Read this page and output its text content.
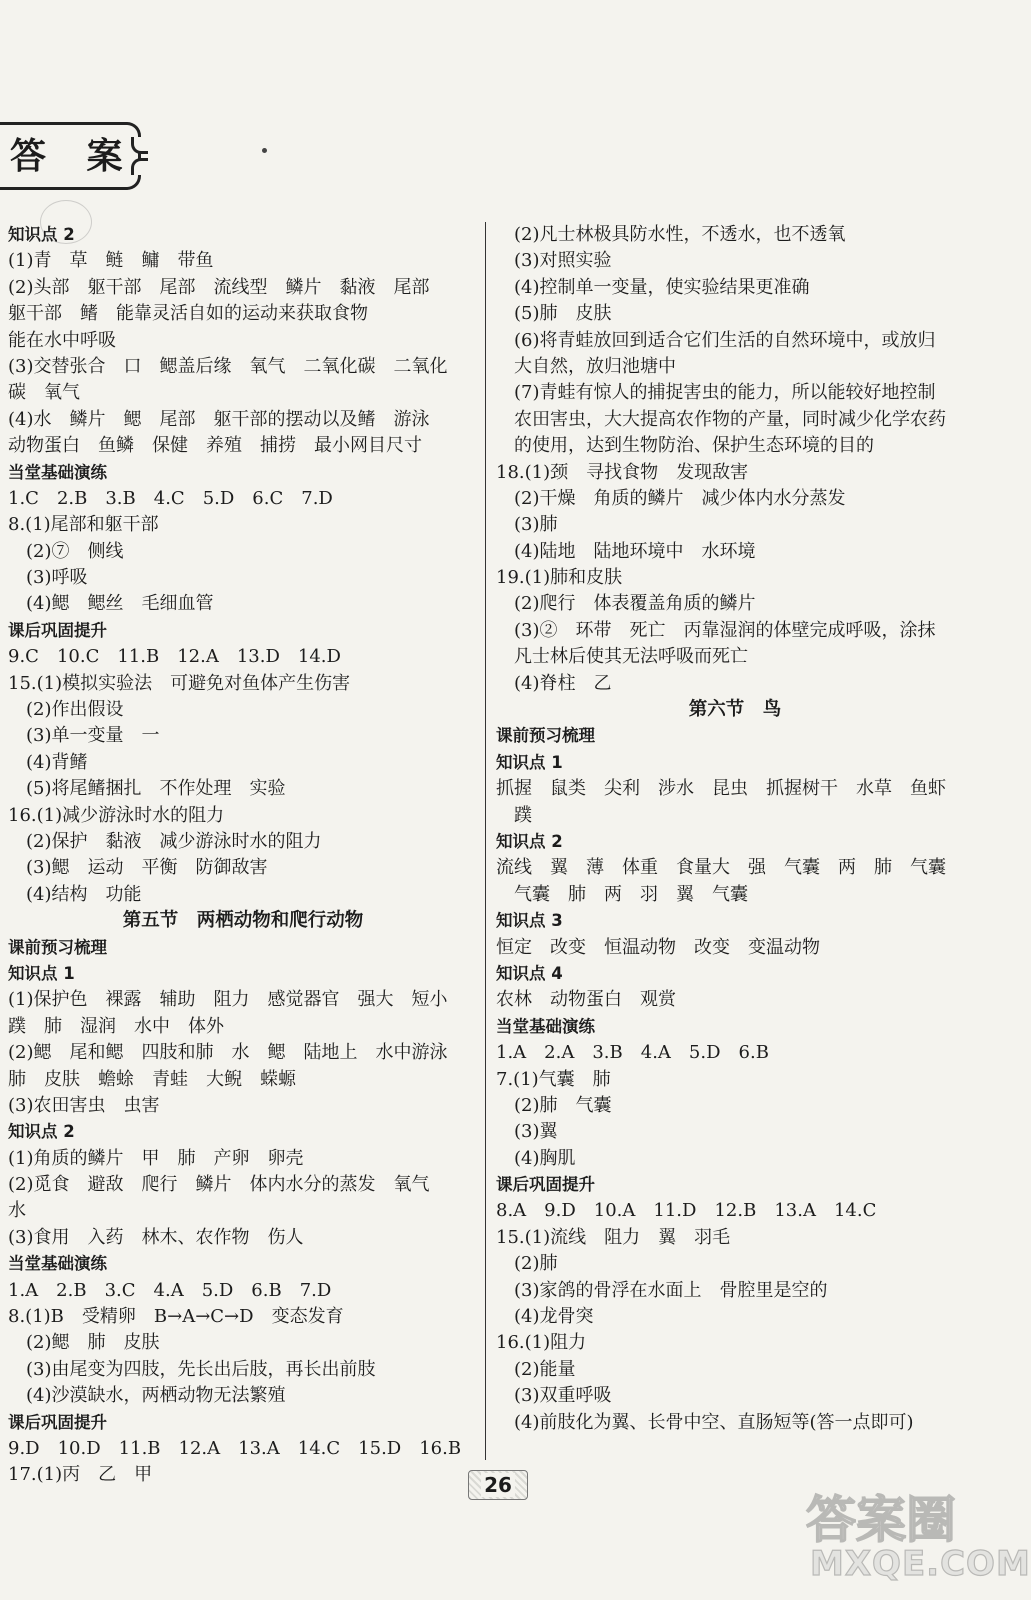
答 案
知识点 2
(1)青　草　鲢　鳙　带鱼
(2)头部　躯干部　尾部　流线型　鳞片　黏液　尾部
躯干部　鳍　能靠灵活自如的运动来获取食物
能在水中呼吸
(3)交替张合　口　鳃盖后缘　氧气　二氧化碳　二氧化
碳　氧气
(4)水　鳞片　鳃　尾部　躯干部的摆动以及鳍　游泳
动物蛋白　鱼鳞　保健　养殖　捕捞　最小网目尺寸
当堂基础演练
1.C　2.B　3.B　4.C　5.D　6.C　7.D
8.(1)尾部和躯干部
(2)⑦　侧线
(3)呼吸
(4)鳃　鳃丝　毛细血管
课后巩固提升
9.C　10.C　11.B　12.A　13.D　14.D
15.(1)模拟实验法　可避免对鱼体产生伤害
(2)作出假设
(3)单一变量　一
(4)背鳍
(5)将尾鳍捆扎　不作处理　实验
16.(1)减少游泳时水的阻力
(2)保护　黏液　减少游泳时水的阻力
(3)鳃　运动　平衡　防御敌害
(4)结构　功能
第五节　两栖动物和爬行动物
课前预习梳理
知识点 1
(1)保护色　裸露　辅助　阻力　感觉器官　强大　短小
蹼　肺　湿润　水中　体外
(2)鳃　尾和鳃　四肢和肺　水　鳃　陆地上　水中游泳
肺　皮肤　蟾蜍　青蛙　大鲵　蝾螈
(3)农田害虫　虫害
知识点 2
(1)角质的鳞片　甲　肺　产卵　卵壳
(2)觅食　避敌　爬行　鳞片　体内水分的蒸发　氧气
水
(3)食用　入药　林木、农作物　伤人
当堂基础演练
1.A　2.B　3.C　4.A　5.D　6.B　7.D
8.(1)B　受精卵　B→A→C→D　变态发育
(2)鳃　肺　皮肤
(3)由尾变为四肢，先长出后肢，再长出前肢
(4)沙漠缺水，两栖动物无法繁殖
课后巩固提升
9.D　10.D　11.B　12.A　13.A　14.C　15.D　16.B
17.(1)丙　乙　甲
(2)凡士林极具防水性，不透水，也不透氧
(3)对照实验
(4)控制单一变量，使实验结果更准确
(5)肺　皮肤
(6)将青蛙放回到适合它们生活的自然环境中，或放归
大自然，放归池塘中
(7)青蛙有惊人的捕捉害虫的能力，所以能较好地控制
农田害虫，大大提高农作物的产量，同时减少化学农药
的使用，达到生物防治、保护生态环境的目的
18.(1)颈　寻找食物　发现敌害
(2)干燥　角质的鳞片　减少体内水分蒸发
(3)肺
(4)陆地　陆地环境中　水环境
19.(1)肺和皮肤
(2)爬行　体表覆盖角质的鳞片
(3)②　环带　死亡　丙靠湿润的体壁完成呼吸，涂抹
凡士林后使其无法呼吸而死亡
(4)脊柱　乙
第六节　鸟
课前预习梳理
知识点 1
抓握　鼠类　尖利　涉水　昆虫　抓握树干　水草　鱼虾
蹼
知识点 2
流线　翼　薄　体重　食量大　强　气囊　两　肺　气囊
气囊　肺　两　羽　翼　气囊
知识点 3
恒定　改变　恒温动物　改变　变温动物
知识点 4
农林　动物蛋白　观赏
当堂基础演练
1.A　2.A　3.B　4.A　5.D　6.B
7.(1)气囊　肺
(2)肺　气囊
(3)翼
(4)胸肌
课后巩固提升
8.A　9.D　10.A　11.D　12.B　13.A　14.C
15.(1)流线　阻力　翼　羽毛
(2)肺
(3)家鸽的骨浮在水面上　骨腔里是空的
(4)龙骨突
16.(1)阻力
(2)能量
(3)双重呼吸
(4)前肢化为翼、长骨中空、直肠短等(答一点即可)
26
答案圈
MXQE.COM
